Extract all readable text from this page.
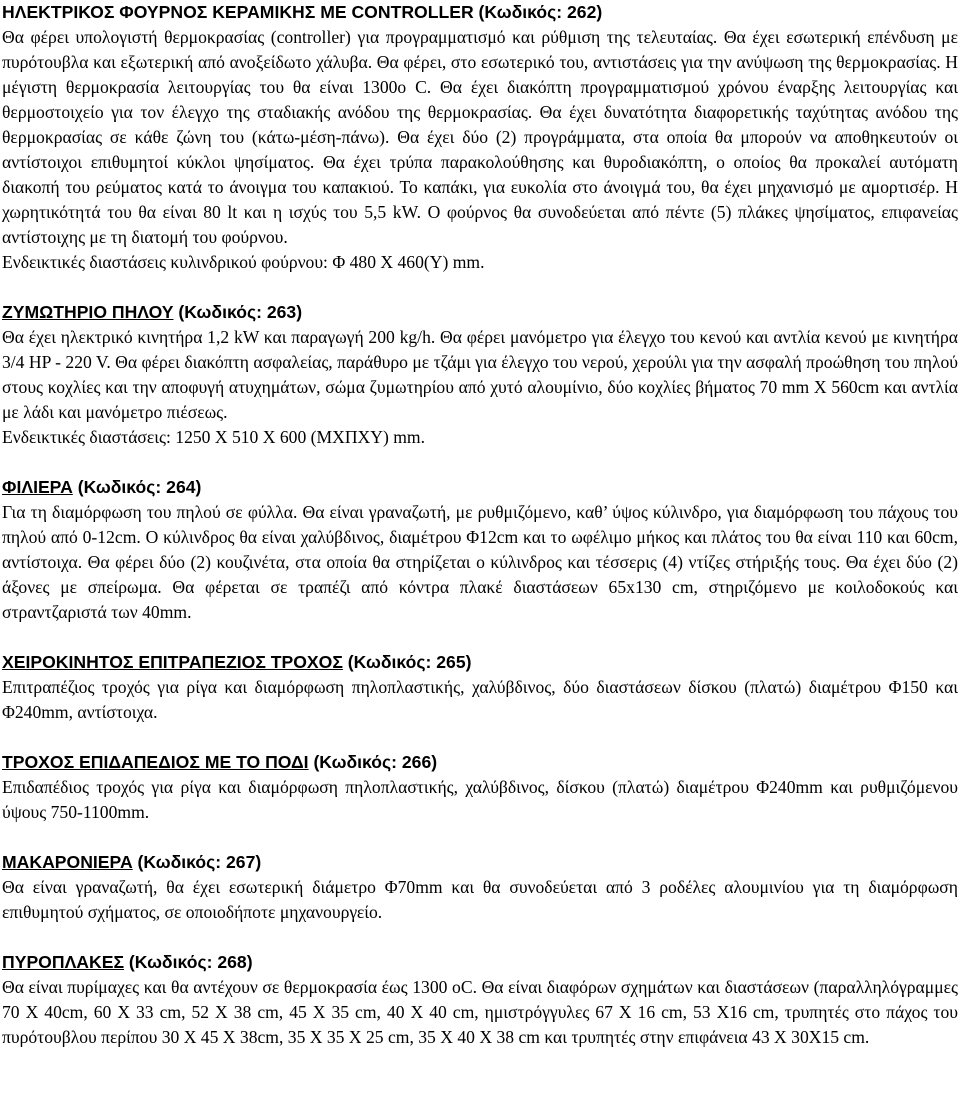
ΗΛΕΚΤΡΙΚΟΣ ΦΟΥΡΝΟΣ ΚΕΡΑΜΙΚΗΣ ΜΕ CONTROLLER (Κωδικός: 262)

Θα φέρει υπολογιστή θερμοκρασίας (controller) για προγραμματισμό και ρύθμιση της τελευταίας. Θα έχει εσωτερική επένδυση με πυρότουβλα και εξωτερική από ανοξείδωτο χάλυβα. Θα φέρει, στο εσωτερικό του, αντιστάσεις για την ανύψωση της θερμοκρασίας. Η μέγιστη θερμοκρασία λειτουργίας του θα είναι 1300ο C. Θα έχει διακόπτη προγραμματισμού χρόνου έναρξης λειτουργίας και θερμοστοιχείο για τον έλεγχο της σταδιακής ανόδου της θερμοκρασίας. Θα έχει δυνατότητα διαφορετικής ταχύτητας ανόδου της θερμοκρασίας σε κάθε ζώνη του (κάτω-μέση-πάνω). Θα έχει δύο (2) προγράμματα, στα οποία θα μπορούν να αποθηκευτούν οι αντίστοιχοι επιθυμητοί κύκλοι ψησίματος. Θα έχει τρύπα παρακολούθησης και θυροδιακόπτη, ο οποίος θα προκαλεί αυτόματη διακοπή του ρεύματος κατά το άνοιγμα του καπακιού. Το καπάκι, για ευκολία στο άνοιγμά του, θα έχει μηχανισμό με αμορτισέρ. Η χωρητικότητά του θα είναι 80 lt και η ισχύς του 5,5 kW. Ο φούρνος θα συνοδεύεται από πέντε (5) πλάκες ψησίματος, επιφανείας αντίστοιχης με τη διατομή του φούρνου.

Ενδεικτικές διαστάσεις κυλινδρικού φούρνου: Φ 480 Χ 460(Υ) mm.

ΖΥΜΩΤΗΡΙΟ ΠΗΛΟΥ (Κωδικός: 263)

Θα έχει ηλεκτρικό κινητήρα 1,2 kW και παραγωγή 200 kg/h. Θα φέρει μανόμετρο για έλεγχο του κενού και αντλία κενού με κινητήρα 3/4 HP - 220 V. Θα φέρει διακόπτη ασφαλείας, παράθυρο με τζάμι για έλεγχο του νερού, χερούλι για την ασφαλή προώθηση του πηλού στους κοχλίες και την αποφυγή ατυχημάτων, σώμα ζυμωτηρίου από χυτό αλουμίνιο, δύο κοχλίες βήματος 70 mm Χ 560cm και αντλία με λάδι και μανόμετρο πιέσεως.

Ενδεικτικές διαστάσεις: 1250 Χ 510 Χ 600 (ΜΧΠΧΥ) mm.

ΦΙΛΙΕΡΑ (Κωδικός: 264)

Για τη διαμόρφωση του πηλού σε φύλλα. Θα είναι γραναζωτή, με ρυθμιζόμενο, καθ’ ύψος κύλινδρο, για διαμόρφωση του πάχους του πηλού από 0-12cm. Ο κύλινδρος θα είναι χαλύβδινος, διαμέτρου Φ12cm και το ωφέλιμο μήκος και πλάτος του θα είναι 110 και 60cm, αντίστοιχα. Θα φέρει δύο (2) κουζινέτα, στα οποία θα στηρίζεται ο κύλινδρος και τέσσερις (4) ντίζες στήριξής τους. Θα έχει δύο (2) άξονες με σπείρωμα. Θα φέρεται σε τραπέζι από κόντρα πλακέ διαστάσεων 65x130 cm, στηριζόμενο με κοιλοδοκούς και στραντζαριστά των 40mm.

ΧΕΙΡΟΚΙΝΗΤΟΣ ΕΠΙΤΡΑΠΕΖΙΟΣ ΤΡΟΧΟΣ (Κωδικός: 265)

Επιτραπέζιος τροχός για ρίγα και διαμόρφωση πηλοπλαστικής, χαλύβδινος, δύο διαστάσεων δίσκου (πλατώ) διαμέτρου Φ150 και Φ240mm, αντίστοιχα.

ΤΡΟΧΟΣ ΕΠΙΔΑΠΕΔΙΟΣ ΜΕ ΤΟ ΠΟΔΙ (Κωδικός: 266)

Επιδαπέδιος τροχός για ρίγα και διαμόρφωση πηλοπλαστικής, χαλύβδινος, δίσκου (πλατώ) διαμέτρου Φ240mm και ρυθμιζόμενου ύψους 750-1100mm.

ΜΑΚΑΡΟΝΙΕΡΑ (Κωδικός: 267)

Θα είναι γραναζωτή, θα έχει εσωτερική διάμετρο Φ70mm και θα συνοδεύεται από 3 ροδέλες αλουμινίου για τη διαμόρφωση επιθυμητού σχήματος, σε οποιοδήποτε μηχανουργείο.

ΠΥΡΟΠΛΑΚΕΣ (Κωδικός: 268)

Θα είναι πυρίμαχες και θα αντέχουν σε θερμοκρασία έως 1300 οC. Θα είναι διαφόρων σχημάτων και διαστάσεων (παραλληλόγραμμες 70 Χ 40cm, 60 Χ 33 cm, 52 Χ 38 cm, 45 Χ 35 cm, 40 Χ 40 cm, ημιστρόγγυλες 67 Χ 16 cm, 53 Χ16 cm, τρυπητές στο πάχος του πυρότουβλου περίπου 30 Χ 45 Χ 38cm, 35 Χ 35 Χ 25 cm, 35 Χ 40 Χ 38 cm και τρυπητές στην επιφάνεια 43 Χ 30Χ15 cm.
